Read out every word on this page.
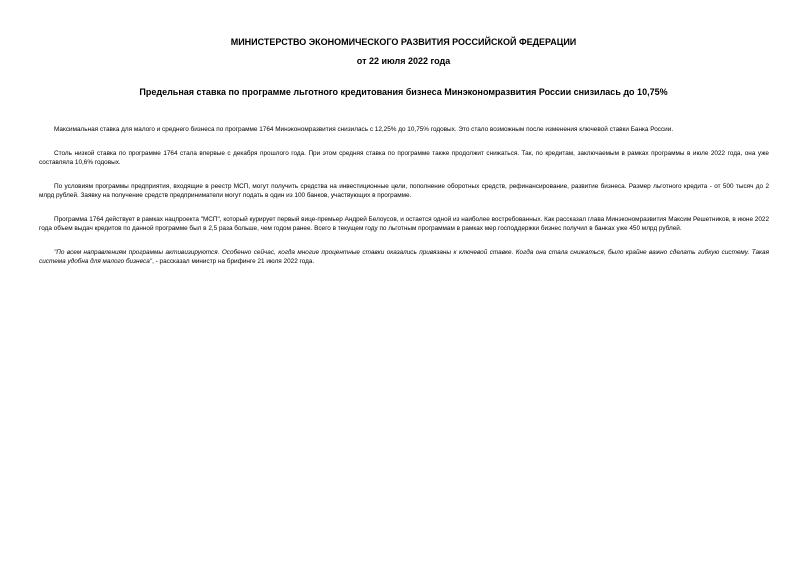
МИНИСТЕРСТВО ЭКОНОМИЧЕСКОГО РАЗВИТИЯ РОССИЙСКОЙ ФЕДЕРАЦИИ
от 22 июля 2022 года
Предельная ставка по программе льготного кредитования бизнеса Минэкономразвития России снизилась до 10,75%

Максимальная ставка для малого и среднего бизнеса по программе 1764 Минэкономразвития снизилась с 12,25% до 10,75% годовых. Это стало возможным после изменения ключевой ставки Банка России.

Столь низкой ставка по программе 1764 стала впервые с декабря прошлого года. При этом средняя ставка по программе также продолжит снижаться. Так, по кредитам, заключаемым в рамках программы в июле 2022 года, она уже составляла 10,6% годовых.

По условиям программы предприятия, входящие в реестр МСП, могут получить средства на инвестиционные цели, пополнение оборотных средств, рефинансирование, развитие бизнеса. Размер льготного кредита - от 500 тысяч до 2 млрд рублей. Заявку на получение средств предприниматели могут подать в один из 100 банков, участвующих в программе.

Программа 1764 действует в рамках нацпроекта "МСП", который курирует первый вице-премьер Андрей Белоусов, и остается одной из наиболее востребованных. Как рассказал глава Минэкономразвития Максим Решетников, в июне 2022 года объем выдач кредитов по данной программе был в 2,5 раза больше, чем годом ранее. Всего в текущем году по льготным программам в рамках мер господдержки бизнес получил в банках уже 450 млрд рублей.

"По всем направлениям программы активизируются. Особенно сейчас, когда многие процентные ставки оказались привязаны к ключевой ставке. Когда она стала снижаться, было крайне важно сделать гибкую систему. Такая система удобна для малого бизнеса", - рассказал министр на брифинге 21 июля 2022 года.
